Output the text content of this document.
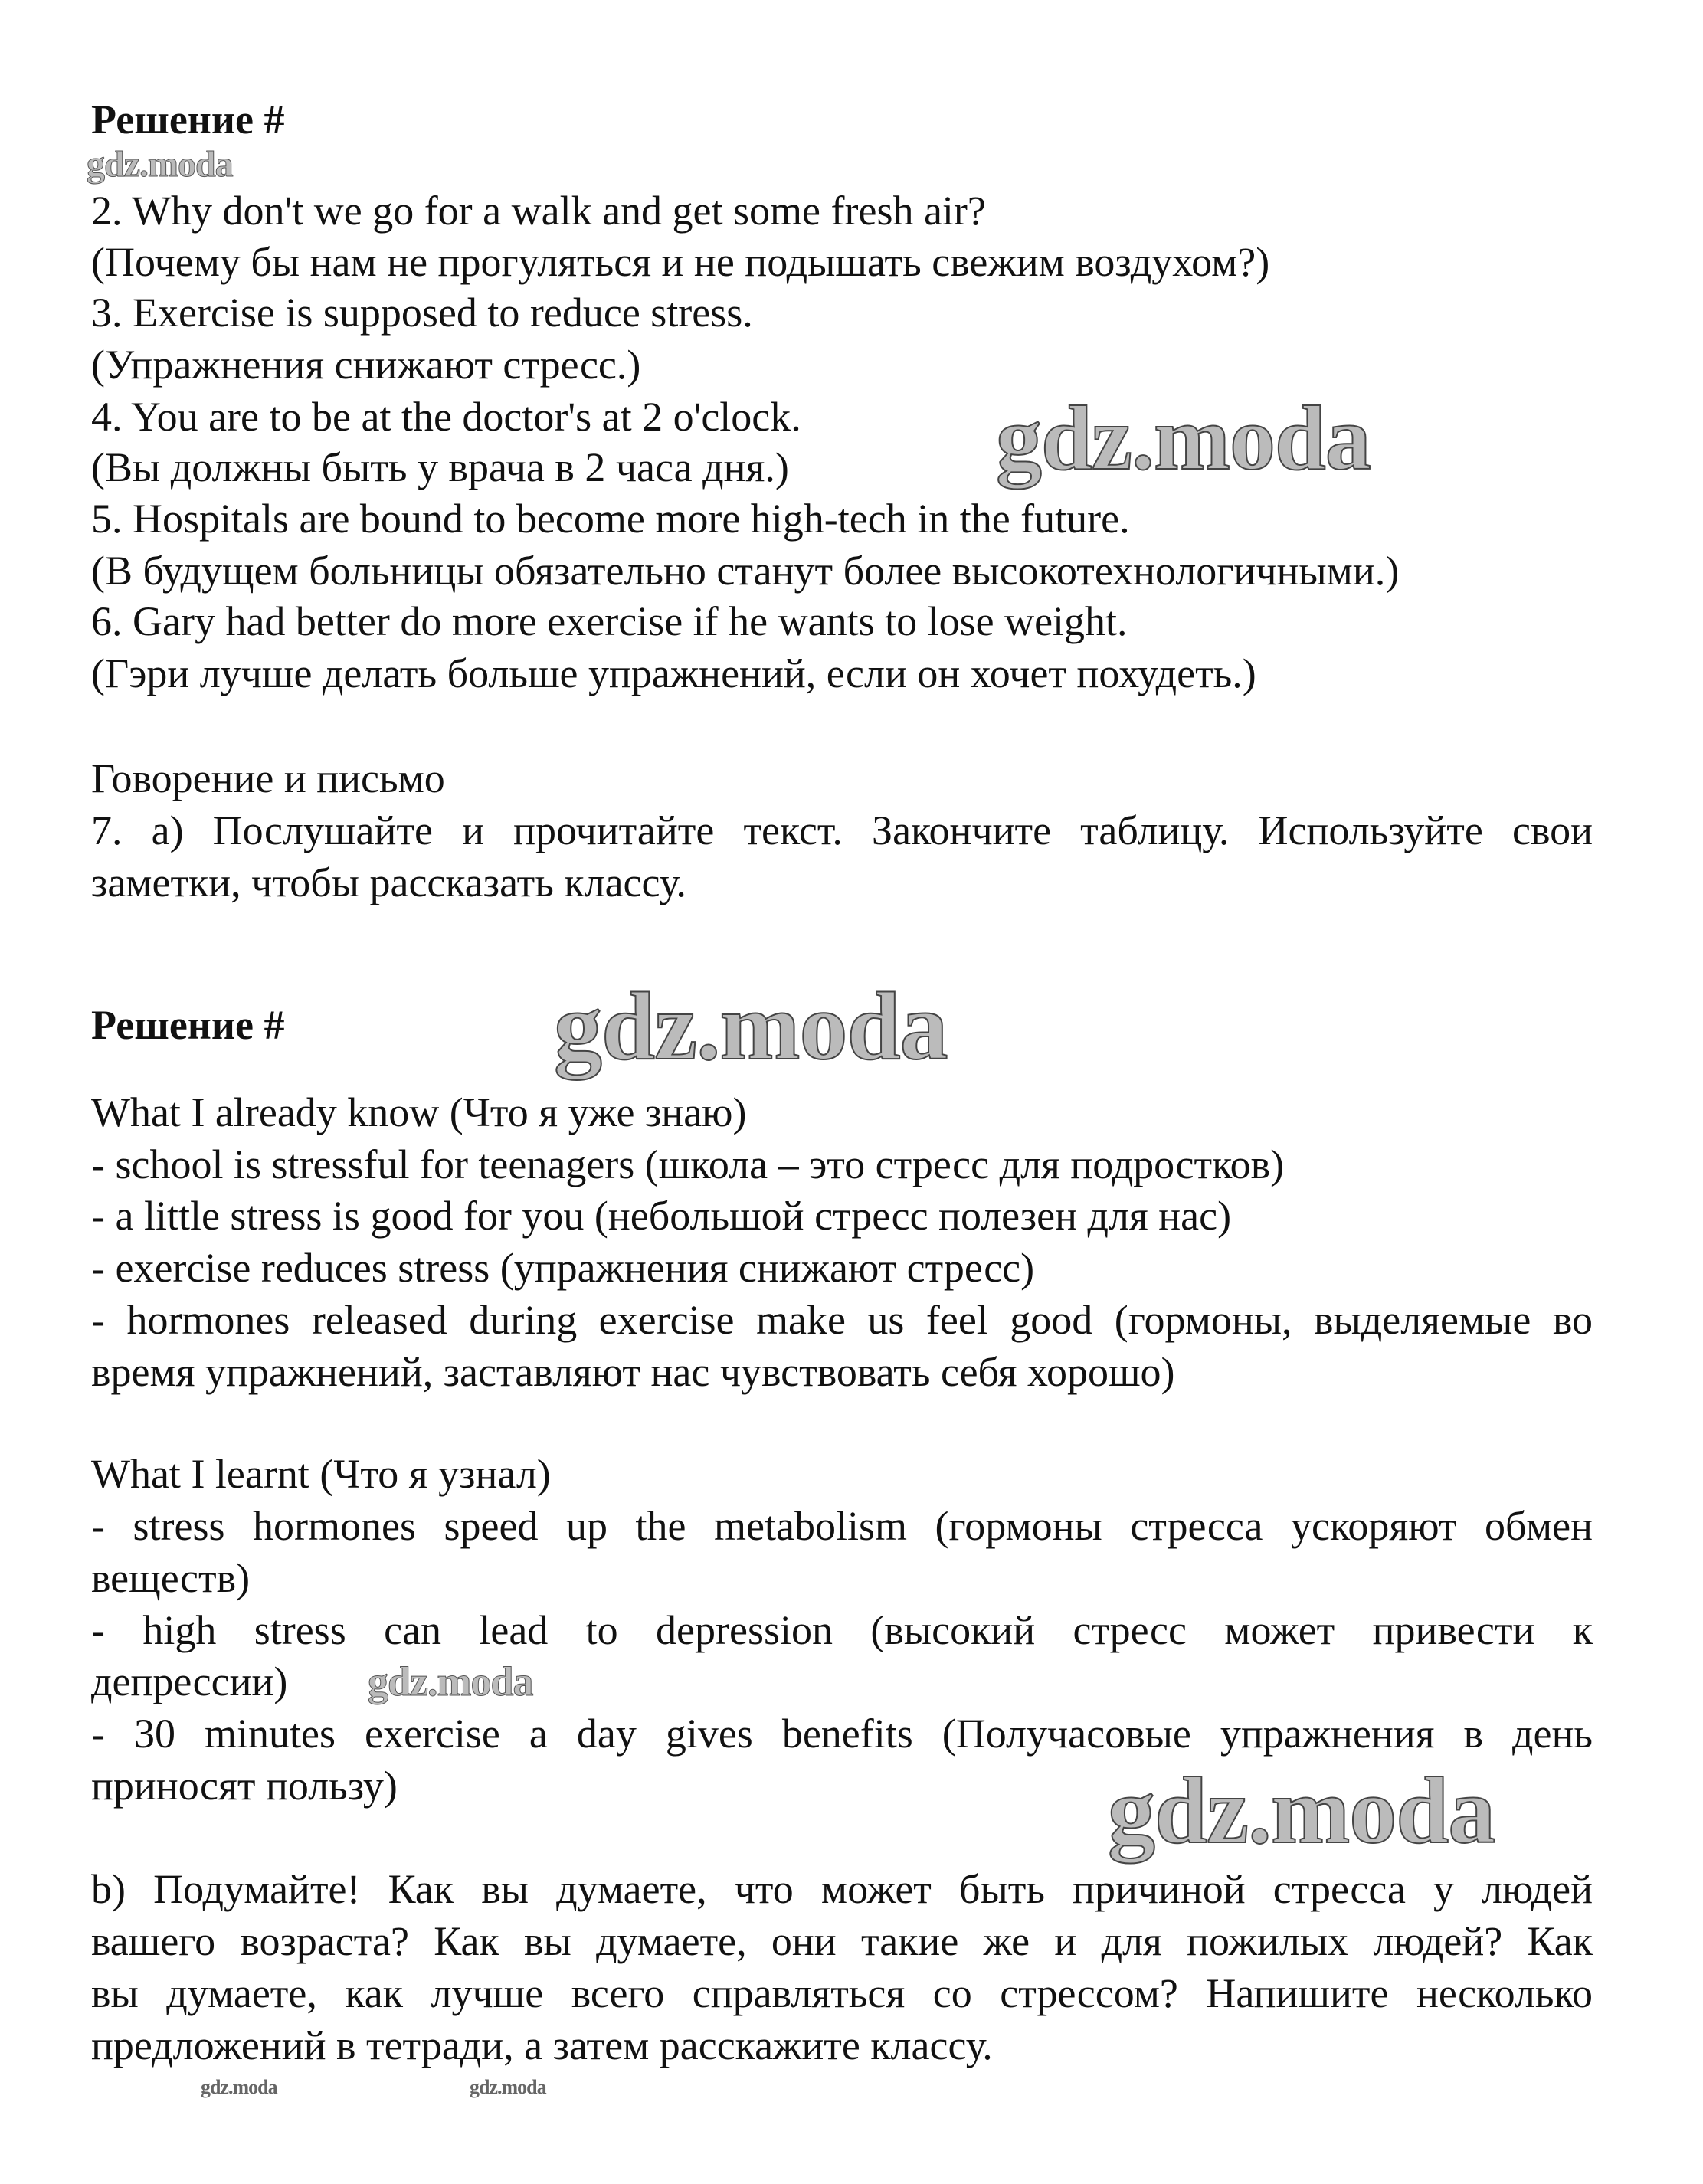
Решение #
gdz.moda
2. Why don't we go for a walk and get some fresh air?
(Почему бы нам не прогуляться и не подышать свежим воздухом?)
3. Exercise is supposed to reduce stress.
(Упражнения снижают стресс.)
4. You are to be at the doctor's at 2 o'clock.
(Вы должны быть у врача в 2 часа дня.)
5. Hospitals are bound to become more high-tech in the future.
(В будущем больницы обязательно станут более высокотехнологичными.)
6. Gary had better do more exercise if he wants to lose weight.
(Гэри лучше делать больше упражнений, если он хочет похудеть.)
gdz.moda
Говорение и письмо
7. a) Послушайте и прочитайте текст. Закончите таблицу. Используйте свои
заметки, чтобы рассказать классу.
Решение #	gdz.moda
What I already know (Что я уже знаю)
- school is stressful for teenagers (школа – это стресс для подростков)
- a little stress is good for you (небольшой стресс полезен для нас)
- exercise reduces stress (упражнения снижают стресс)
- hormones released during exercise make us feel good (гормоны, выделяемые во
время упражнений, заставляют нас чувствовать себя хорошо)
What I learnt (Что я узнал)
- stress hormones speed up the metabolism (гормоны стресса ускоряют обмен
веществ)
- high stress can lead to depression (высокий стресс может привести к
депрессии)	gdz.moda
- 30 minutes exercise a day gives benefits (Получасовые упражнения в день
приносят пользу)	gdz.moda
b) Подумайте! Как вы думаете, что может быть причиной стресса у людей
вашего возраста? Как вы думаете, они такие же и для пожилых людей? Как
вы думаете, как лучше всего справляться со стрессом? Напишите несколько
предложений в тетради, а затем расскажите классу.
gdz.moda	gdz.moda
